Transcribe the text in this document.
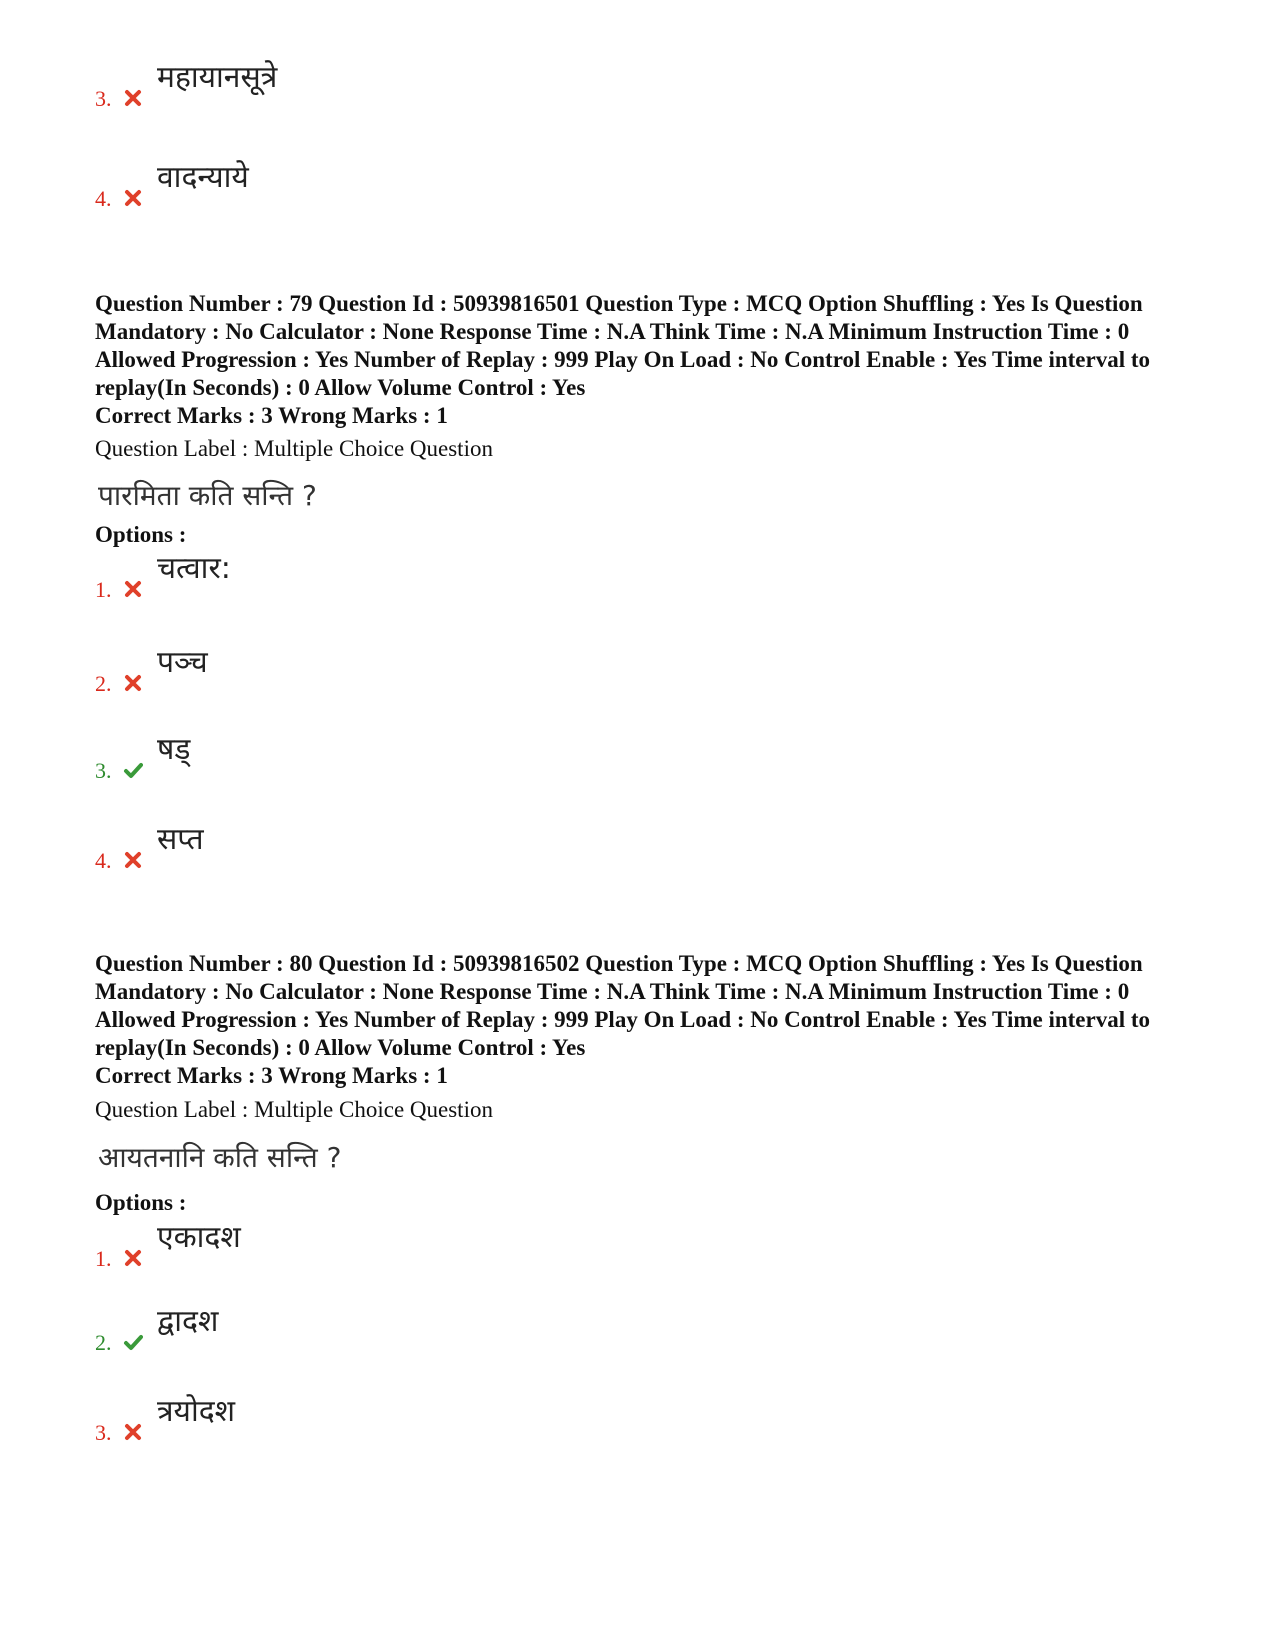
3.
महायानसूत्रे
4.
वादन्याये
Question Number : 79 Question Id : 50939816501 Question Type : MCQ Option Shuffling : Yes Is Question Mandatory : No Calculator : None Response Time : N.A Think Time : N.A Minimum Instruction Time : 0 Allowed Progression : Yes Number of Replay : 999 Play On Load : No Control Enable : Yes Time interval to replay(In Seconds) : 0 Allow Volume Control : Yes
Correct Marks : 3 Wrong Marks : 1
Question Label : Multiple Choice Question
पारमिता कति सन्ति ?
Options :
1.
चत्वार:
2.
पञ्च
3.
षड्
4.
सप्त
Question Number : 80 Question Id : 50939816502 Question Type : MCQ Option Shuffling : Yes Is Question Mandatory : No Calculator : None Response Time : N.A Think Time : N.A Minimum Instruction Time : 0 Allowed Progression : Yes Number of Replay : 999 Play On Load : No Control Enable : Yes Time interval to replay(In Seconds) : 0 Allow Volume Control : Yes
Correct Marks : 3 Wrong Marks : 1
Question Label : Multiple Choice Question
आयतनानि कति सन्ति ?
Options :
1.
एकादश
2.
द्वादश
3.
त्रयोदश
